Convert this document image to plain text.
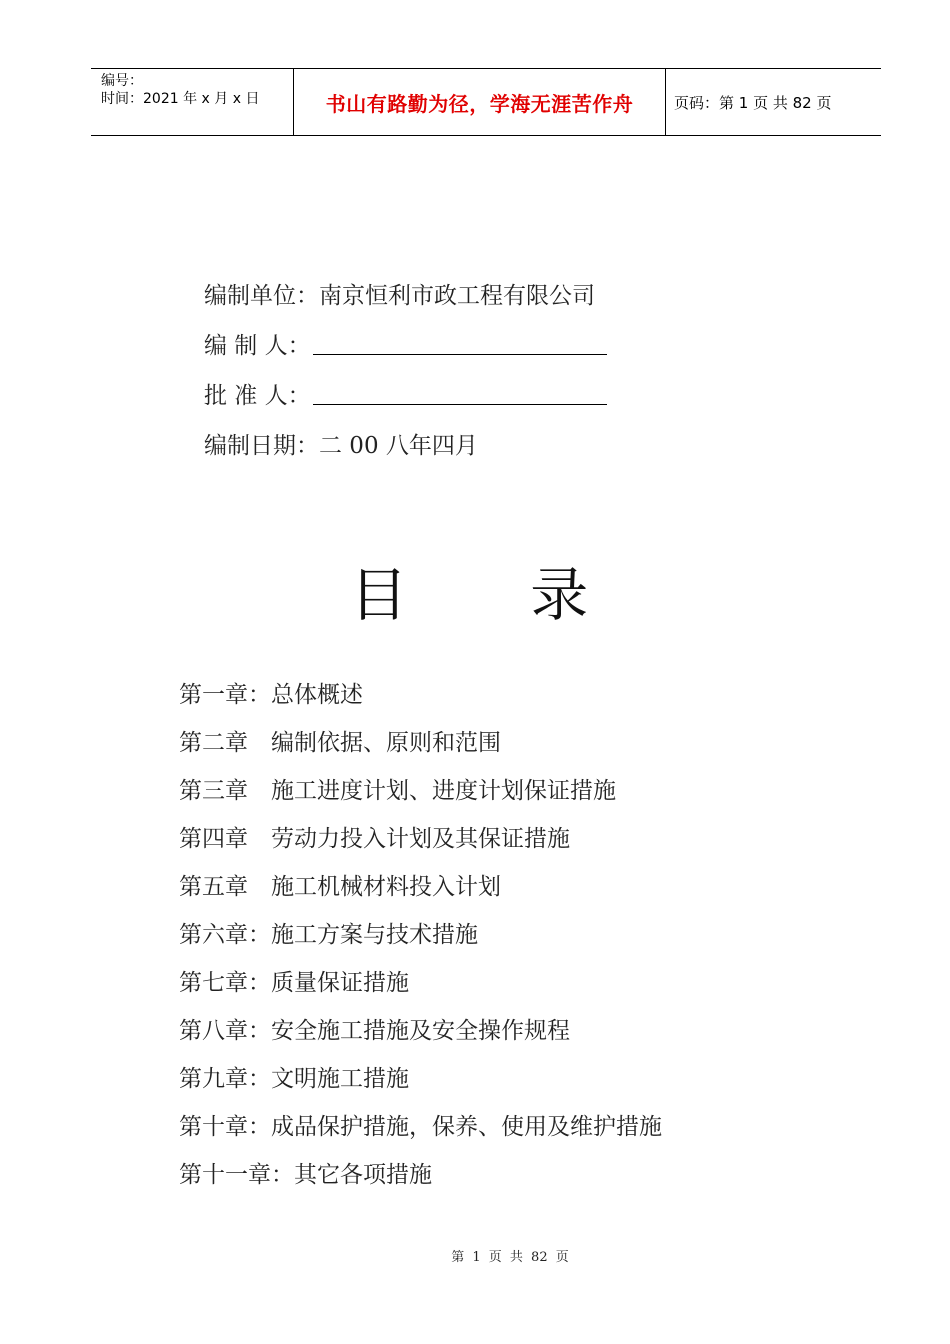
编号：
时间：2021 年 x 月 x 日	书山有路勤为径，学海无涯苦作舟	页码：第 1 页 共 82 页
编制单位：南京恒利市政工程有限公司
编 制 人：
批 准 人：
编制日期：二 00 八年四月
目 录
第一章：总体概述
第二章　编制依据、原则和范围
第三章　施工进度计划、进度计划保证措施
第四章　劳动力投入计划及其保证措施
第五章　施工机械材料投入计划
第六章：施工方案与技术措施
第七章：质量保证措施
第八章：安全施工措施及安全操作规程
第九章：文明施工措施
第十章：成品保护措施，保养、使用及维护措施
第十一章：其它各项措施
第 1 页 共 82 页
